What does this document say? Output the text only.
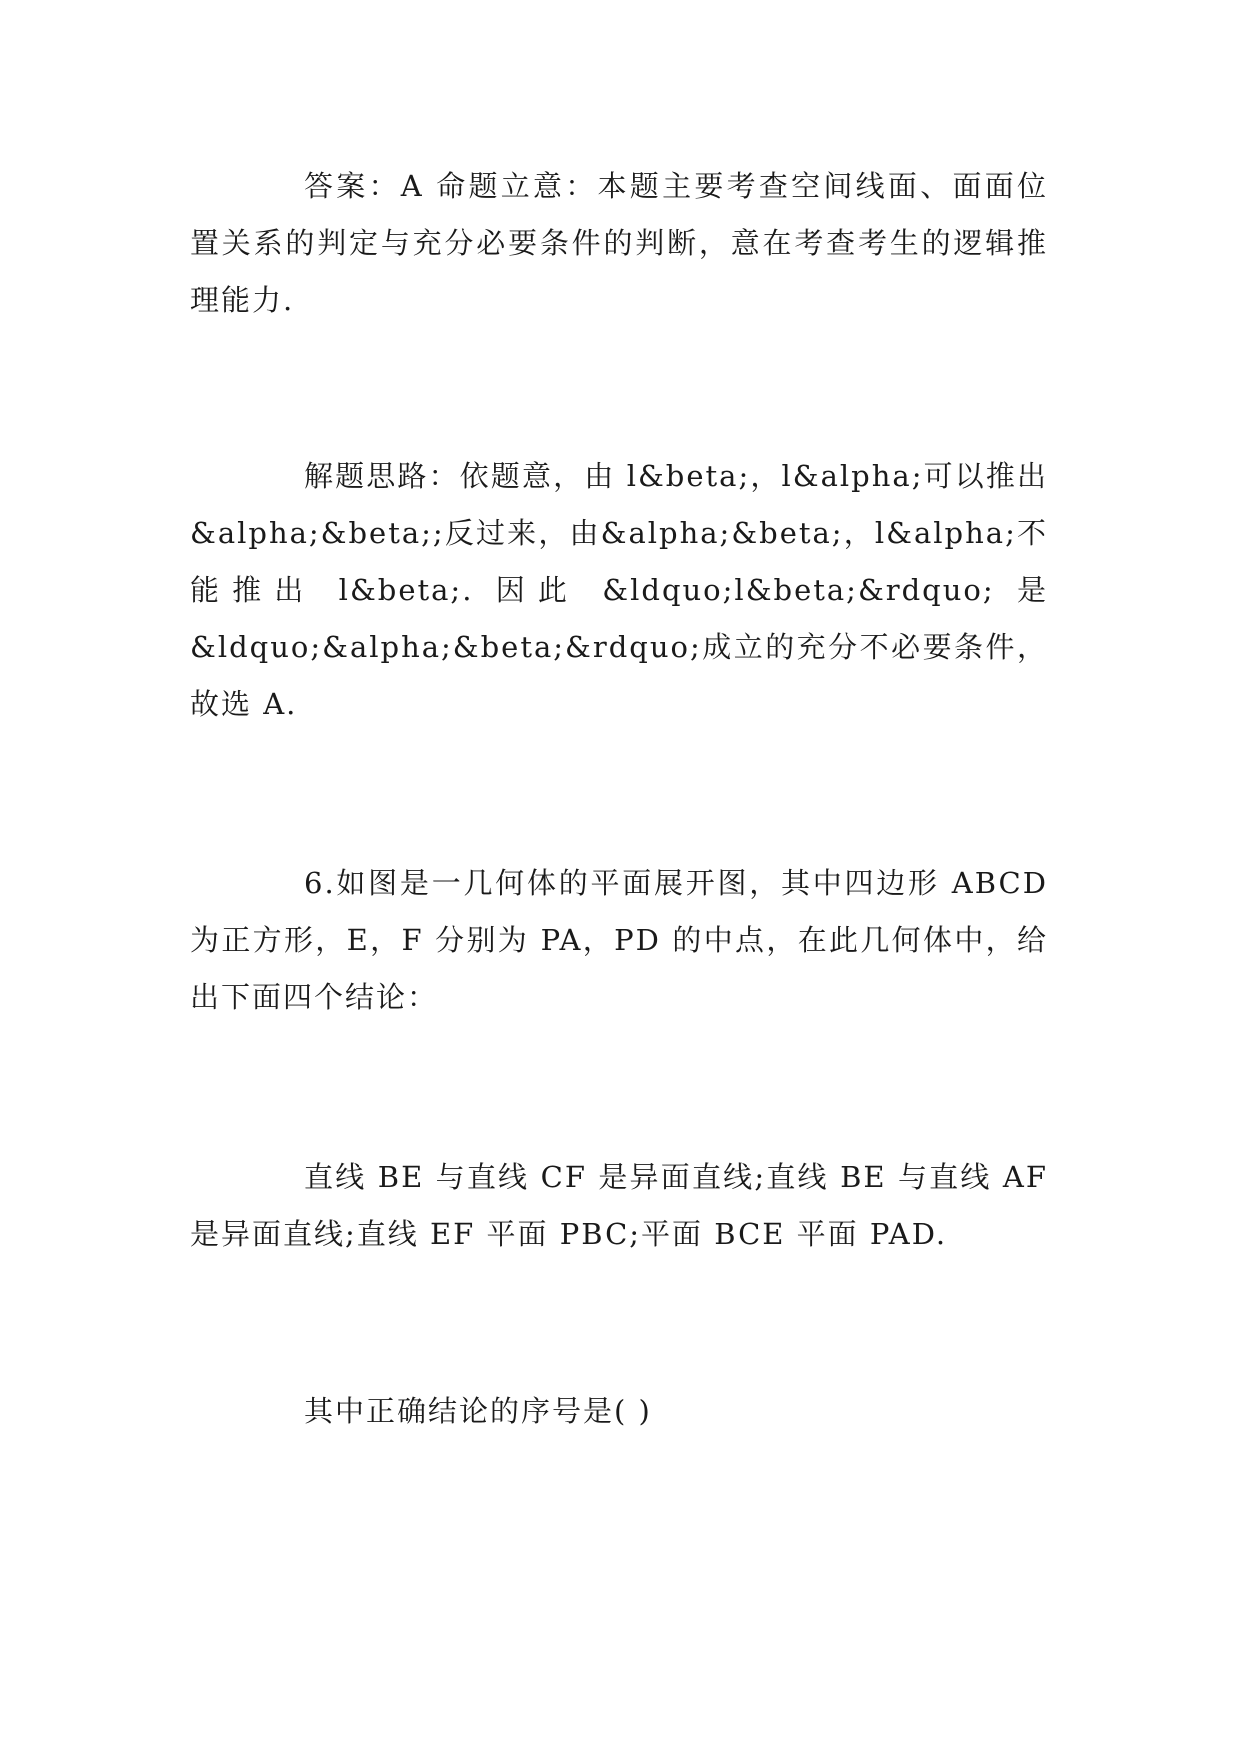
答案：A 命题立意：本题主要考查空间线面、面面位置关系的判定与充分必要条件的判断，意在考查考生的逻辑推理能力.

解题思路：依题意，由 l&beta;，l&alpha;可以推出&alpha;&beta;;反过来，由&alpha;&beta;，l&alpha;不能推出 l&beta;. 因此 &ldquo;l&beta;&rdquo; 是&ldquo;&alpha;&beta;&rdquo;成立的充分不必要条件，故选 A.

6.如图是一几何体的平面展开图，其中四边形 ABCD 为正方形，E，F 分别为 PA，PD 的中点，在此几何体中，给出下面四个结论：

直线 BE 与直线 CF 是异面直线;直线 BE 与直线 AF 是异面直线;直线 EF 平面 PBC;平面 BCE 平面 PAD.

其中正确结论的序号是( )
